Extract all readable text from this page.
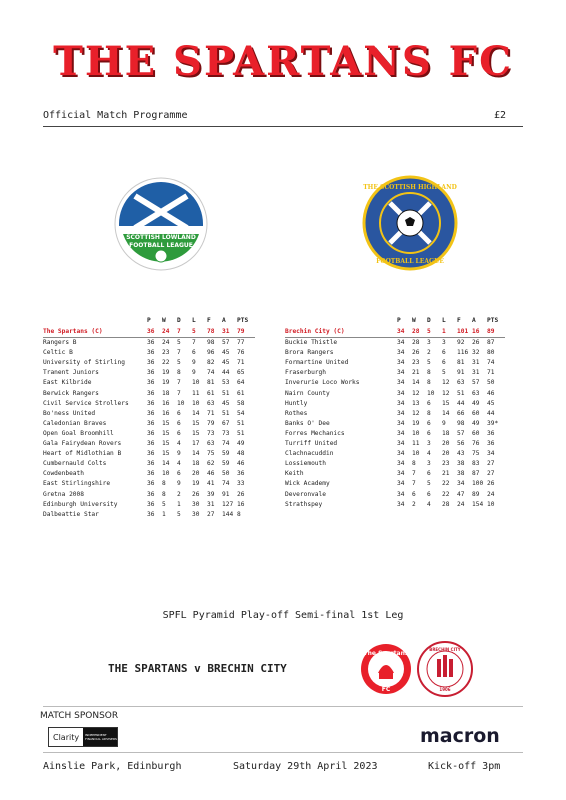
THE SPARTANS FC
Official Match Programme	£2
SCOTTISH LOWLAND
FOOTBALL LEAGUE
THE SCOTTISH HIGHLAND
FOOTBALL LEAGUE
	P	W	D	L	F	A	PTS
The Spartans (C)	36	24	7	5	78	31	79
Rangers B	36	24	5	7	98	57	77
Celtic B	36	23	7	6	96	45	76
University of Stirling	36	22	5	9	82	45	71
Tranent Juniors	36	19	8	9	74	44	65
East Kilbride	36	19	7	10	81	53	64
Berwick Rangers	36	18	7	11	61	51	61
Civil Service Strollers	36	16	10	10	63	45	58
Bo'ness United	36	16	6	14	71	51	54
Caledonian Braves	36	15	6	15	79	67	51
Open Goal Broomhill	36	15	6	15	73	73	51
Gala Fairydean Rovers	36	15	4	17	63	74	49
Heart of Midlothian B	36	15	9	14	75	59	48
Cumbernauld Colts	36	14	4	18	62	59	46
Cowdenbeath	36	10	6	20	46	50	36
East Stirlingshire	36	8	9	19	41	74	33
Gretna 2008	36	8	2	26	39	91	26
Edinburgh University	36	5	1	30	31	127	16
Dalbeattie Star	36	1	5	30	27	144	8
	P	W	D	L	F	A	PTS
Brechin City (C)	34	28	5	1	101	16	89
Buckie Thistle	34	28	3	3	92	26	87
Brora Rangers	34	26	2	6	116	32	80
Formartine United	34	23	5	6	81	31	74
Fraserburgh	34	21	8	5	91	31	71
Inverurie Loco Works	34	14	8	12	63	57	50
Nairn County	34	12	10	12	51	63	46
Huntly	34	13	6	15	44	49	45
Rothes	34	12	8	14	66	60	44
Banks O' Dee	34	19	6	9	98	49	39*
Forres Mechanics	34	10	6	18	57	60	36
Turriff United	34	11	3	20	56	76	36
Clachnacuddin	34	10	4	20	43	75	34
Lossiemouth	34	8	3	23	38	83	27
Keith	34	7	6	21	38	87	27
Wick Academy	34	7	5	22	34	100	26
Deveronvale	34	6	6	22	47	89	24
Strathspey	34	2	4	28	24	154	10
SPFL Pyramid Play-off Semi-final 1st Leg
THE SPARTANS v BRECHIN CITY
The Spartans
FC
BRECHIN CITY
1906
MATCH SPONSOR
Clarity	INDEPENDENT FINANCIAL ADVISERS	macron
Ainslie Park, Edinburgh	Saturday 29th April 2023	Kick-off 3pm
